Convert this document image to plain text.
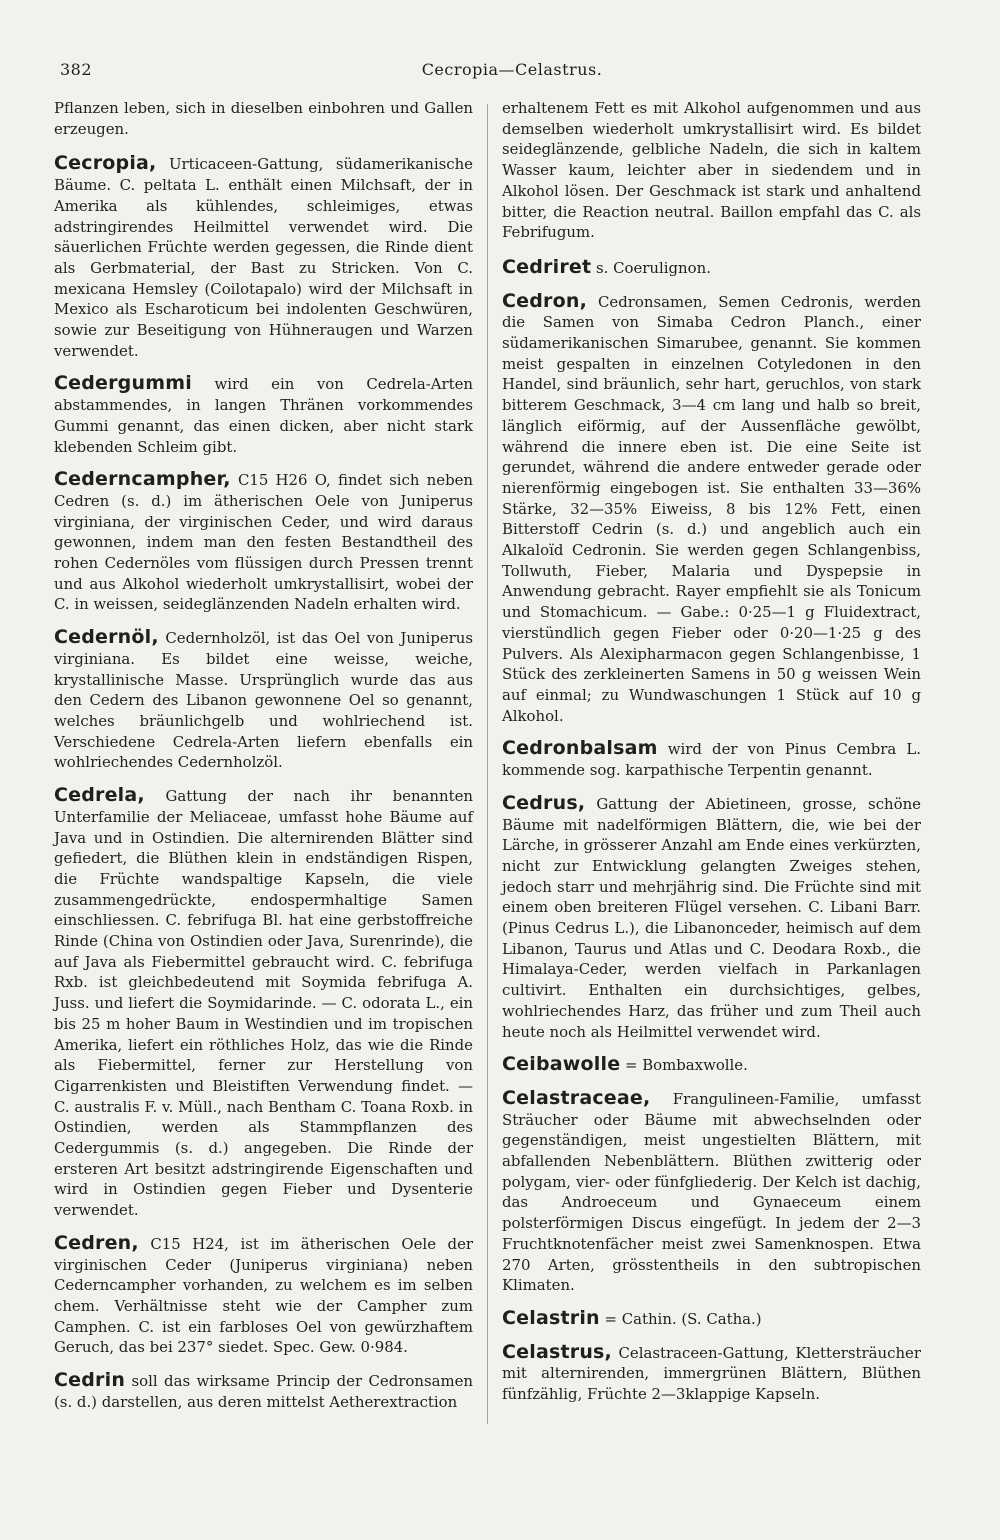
382	Cecropia—Celastrus.

Pflanzen leben, sich in dieselben einbohren und Gallen erzeugen.

Cecropia, Urticaceen-Gattung, südamerikanische Bäume. C. peltata L. enthält einen Milchsaft, der in Amerika als kühlendes, schleimiges, etwas adstringirendes Heilmittel verwendet wird. Die säuerlichen Früchte werden gegessen, die Rinde dient als Gerbmaterial, der Bast zu Stricken. Von C. mexicana Hemsley (Coilotapalo) wird der Milchsaft in Mexico als Escharoticum bei indolenten Geschwüren, sowie zur Beseitigung von Hühneraugen und Warzen verwendet.

Cedergummi wird ein von Cedrela-Arten abstammendes, in langen Thränen vorkommendes Gummi genannt, das einen dicken, aber nicht stark klebenden Schleim gibt.

Cederncampher, C15 H26 O, findet sich neben Cedren (s. d.) im ätherischen Oele von Juniperus virginiana, der virginischen Ceder, und wird daraus gewonnen, indem man den festen Bestandtheil des rohen Cedernöles vom flüssigen durch Pressen trennt und aus Alkohol wiederholt umkrystallisirt, wobei der C. in weissen, seideglänzenden Nadeln erhalten wird.

Cedernöl, Cedernholzöl, ist das Oel von Juniperus virginiana. Es bildet eine weisse, weiche, krystallinische Masse. Ursprünglich wurde das aus den Cedern des Libanon gewonnene Oel so genannt, welches bräunlichgelb und wohlriechend ist. Verschiedene Cedrela-Arten liefern ebenfalls ein wohlriechendes Cedernholzöl.

Cedrela, Gattung der nach ihr benannten Unterfamilie der Meliaceae, umfasst hohe Bäume auf Java und in Ostindien. Die alternirenden Blätter sind gefiedert, die Blüthen klein in endständigen Rispen, die Früchte wandspaltige Kapseln, die viele zusammengedrückte, endospermhaltige Samen einschliessen. C. febrifuga Bl. hat eine gerbstoffreiche Rinde (China von Ostindien oder Java, Surenrinde), die auf Java als Fiebermittel gebraucht wird. C. febrifuga Rxb. ist gleichbedeutend mit Soymida febrifuga A. Juss. und liefert die Soymidarinde. — C. odorata L., ein bis 25 m hoher Baum in Westindien und im tropischen Amerika, liefert ein röthliches Holz, das wie die Rinde als Fiebermittel, ferner zur Herstellung von Cigarrenkisten und Bleistiften Verwendung findet. — C. australis F. v. Müll., nach Bentham C. Toana Roxb. in Ostindien, werden als Stammpflanzen des Cedergummis (s. d.) angegeben. Die Rinde der ersteren Art besitzt adstringirende Eigenschaften und wird in Ostindien gegen Fieber und Dysenterie verwendet.

Cedren, C15 H24, ist im ätherischen Oele der virginischen Ceder (Juniperus virginiana) neben Cederncampher vorhanden, zu welchem es im selben chem. Verhältnisse steht wie der Campher zum Camphen. C. ist ein farbloses Oel von gewürzhaftem Geruch, das bei 237° siedet. Spec. Gew. 0·984.

Cedrin soll das wirksame Princip der Cedronsamen (s. d.) darstellen, aus deren mittelst Aetherextraction

erhaltenem Fett es mit Alkohol aufgenommen und aus demselben wiederholt umkrystallisirt wird. Es bildet seideglänzende, gelbliche Nadeln, die sich in kaltem Wasser kaum, leichter aber in siedendem und in Alkohol lösen. Der Geschmack ist stark und anhaltend bitter, die Reaction neutral. Baillon empfahl das C. als Febrifugum.

Cedriret s. Coerulignon.

Cedron, Cedronsamen, Semen Cedronis, werden die Samen von Simaba Cedron Planch., einer südamerikanischen Simarubee, genannt. Sie kommen meist gespalten in einzelnen Cotyledonen in den Handel, sind bräunlich, sehr hart, geruchlos, von stark bitterem Geschmack, 3—4 cm lang und halb so breit, länglich eiförmig, auf der Aussenfläche gewölbt, während die innere eben ist. Die eine Seite ist gerundet, während die andere entweder gerade oder nierenförmig eingebogen ist. Sie enthalten 33—36% Stärke, 32—35% Eiweiss, 8 bis 12% Fett, einen Bitterstoff Cedrin (s. d.) und angeblich auch ein Alkaloïd Cedronin. Sie werden gegen Schlangenbiss, Tollwuth, Fieber, Malaria und Dyspepsie in Anwendung gebracht. Rayer empfiehlt sie als Tonicum und Stomachicum. — Gabe.: 0·25—1 g Fluidextract, vierstündlich gegen Fieber oder 0·20—1·25 g des Pulvers. Als Alexipharmacon gegen Schlangenbisse, 1 Stück des zerkleinerten Samens in 50 g weissen Wein auf einmal; zu Wundwaschungen 1 Stück auf 10 g Alkohol.

Cedronbalsam wird der von Pinus Cembra L. kommende sog. karpathische Terpentin genannt.

Cedrus, Gattung der Abietineen, grosse, schöne Bäume mit nadelförmigen Blättern, die, wie bei der Lärche, in grösserer Anzahl am Ende eines verkürzten, nicht zur Entwicklung gelangten Zweiges stehen, jedoch starr und mehrjährig sind. Die Früchte sind mit einem oben breiteren Flügel versehen. C. Libani Barr. (Pinus Cedrus L.), die Libanonceder, heimisch auf dem Libanon, Taurus und Atlas und C. Deodara Roxb., die Himalaya-Ceder, werden vielfach in Parkanlagen cultivirt. Enthalten ein durchsichtiges, gelbes, wohlriechendes Harz, das früher und zum Theil auch heute noch als Heilmittel verwendet wird.

Ceibawolle = Bombaxwolle.

Celastraceae, Frangulineen-Familie, umfasst Sträucher oder Bäume mit abwechselnden oder gegenständigen, meist ungestielten Blättern, mit abfallenden Nebenblättern. Blüthen zwitterig oder polygam, vier- oder fünfgliederig. Der Kelch ist dachig, das Androeceum und Gynaeceum einem polsterförmigen Discus eingefügt. In jedem der 2—3 Fruchtknotenfächer meist zwei Samenknospen. Etwa 270 Arten, grösstentheils in den subtropischen Klimaten.

Celastrin = Cathin. (S. Catha.)

Celastrus, Celastraceen-Gattung, Klettersträucher mit alternirenden, immergrünen Blättern, Blüthen fünfzählig, Früchte 2—3klappige Kapseln.
